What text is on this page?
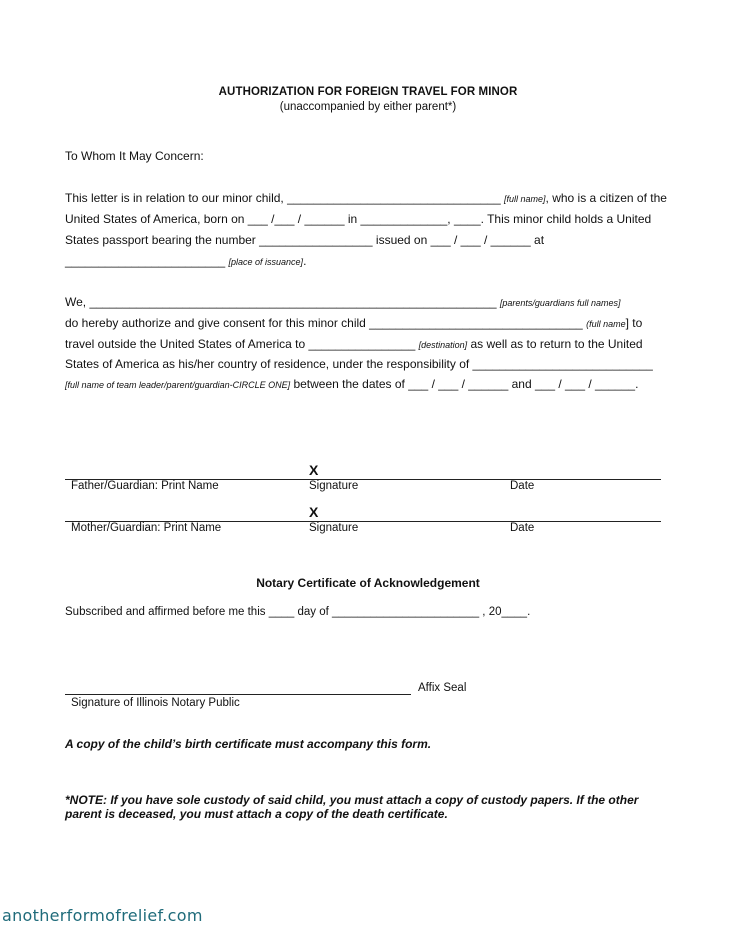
AUTHORIZATION FOR FOREIGN TRAVEL FOR MINOR
(unaccompanied by either parent*)
To Whom It May Concern:
This letter is in relation to our minor child, ________________________________ [full name], who is a citizen of the
United States of America, born on ___ /___ / ______ in _____________, ____. This minor child holds a United
States passport bearing the number _________________ issued on ___ / ___ / ______ at
________________________ [place of issuance].
We, _____________________________________________________________ [parents/guardians full names]
do hereby authorize and give consent for this minor child ________________________________ (full name] to
travel outside the United States of America to ________________ [destination] as well as to return to the United
States of America as his/her country of residence, under the responsibility of ___________________________
[full name of team leader/parent/guardian-CIRCLE ONE] between the dates of ___ / ___ / ______ and ___ / ___ / ______.
X
Father/Guardian: Print Name	Signature	Date
X
Mother/Guardian: Print Name	Signature	Date
Notary Certificate of Acknowledgement
Subscribed and affirmed before me this ____ day of _______________________ , 20____.
Affix Seal
Signature of Illinois Notary Public
A copy of the child’s birth certificate must accompany this form.
*NOTE: If you have sole custody of said child, you must attach a copy of custody papers. If the other parent is deceased, you must attach a copy of the death certificate.
anotherformofrelief.com
